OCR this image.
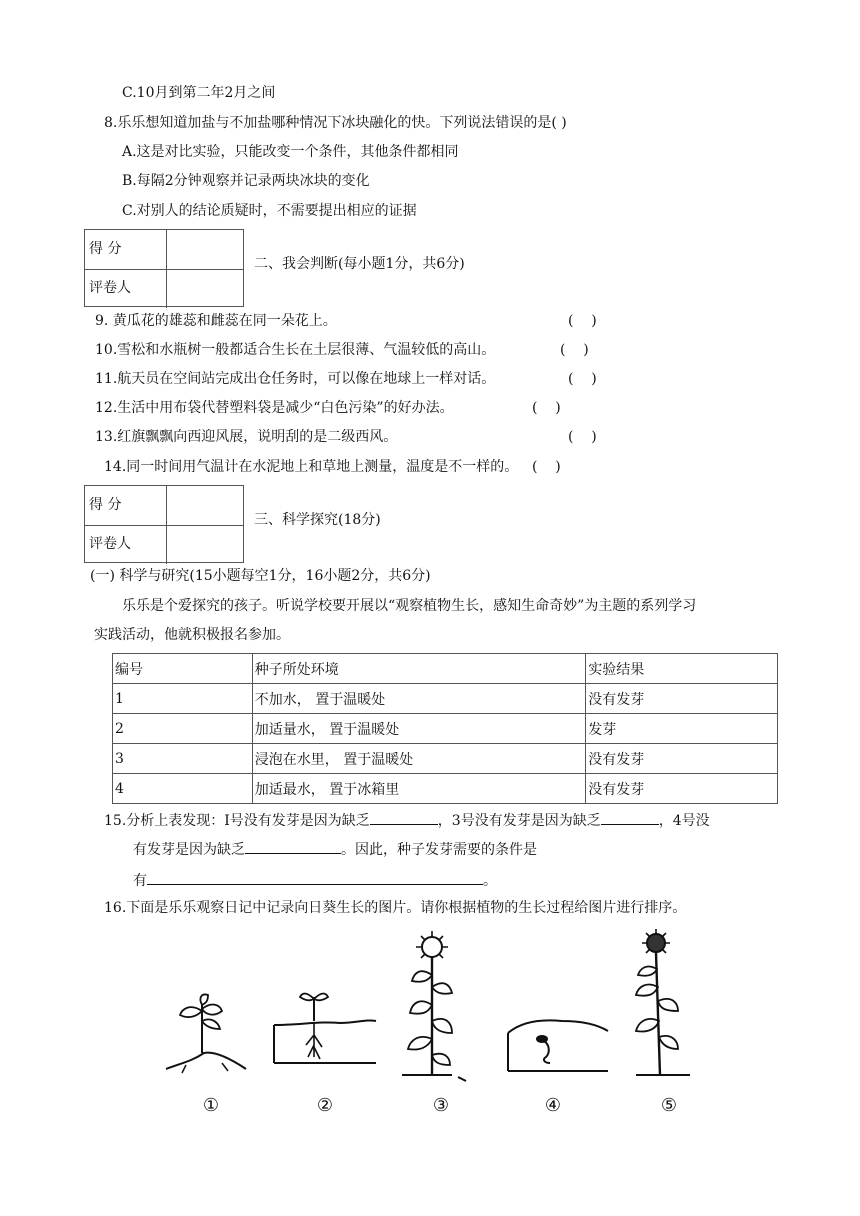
C.10月到第二年2月之间
8.乐乐想知道加盐与不加盐哪种情况下冰块融化的快。下列说法错误的是( )
A.这是对比实验，只能改变一个条件，其他条件都相同
B.每隔2分钟观察并记录两块冰块的变化
C.对别人的结论质疑时，不需要提出相应的证据
得 分
评卷人
二、我会判断(每小题1分，共6分)
9. 黄瓜花的雄蕊和雌蕊在同一朵花上。	(    )
10.雪松和水瓶树一般都适合生长在土层很薄、气温较低的高山。	(    )
11.航天员在空间站完成出仓任务时，可以像在地球上一样对话。	(    )
12.生活中用布袋代替塑料袋是减少“白色污染”的好办法。	(    )
13.红旗飘飘向西迎风展，说明刮的是二级西风。	(    )
14.同一时间用气温计在水泥地上和草地上测量，温度是不一样的。 (    )
得 分
评卷人
三、科学探究(18分)
(一) 科学与研究(15小题每空1分，16小题2分，共6分)
乐乐是个爱探究的孩子。听说学校要开展以“观察植物生长，感知生命奇妙”为主题的系列学习
实践活动，他就积极报名参加。
编号	种子所处环境	实验结果
1	不加水， 置于温暖处	没有发芽
2	加适量水， 置于温暖处	发芽
3	浸泡在水里， 置于温暖处	没有发芽
4	加适最水， 置于冰箱里	没有发芽
15.分析上表发现：Ⅰ号没有发芽是因为缺乏	，3号没有发芽是因为缺乏	，4号没
有发芽是因为缺乏	。因此，种子发芽需要的条件是
有	。
16.下面是乐乐观察日记中记录向日葵生长的图片。请你根据植物的生长过程给图片进行排序。
①	②	③	④	⑤
